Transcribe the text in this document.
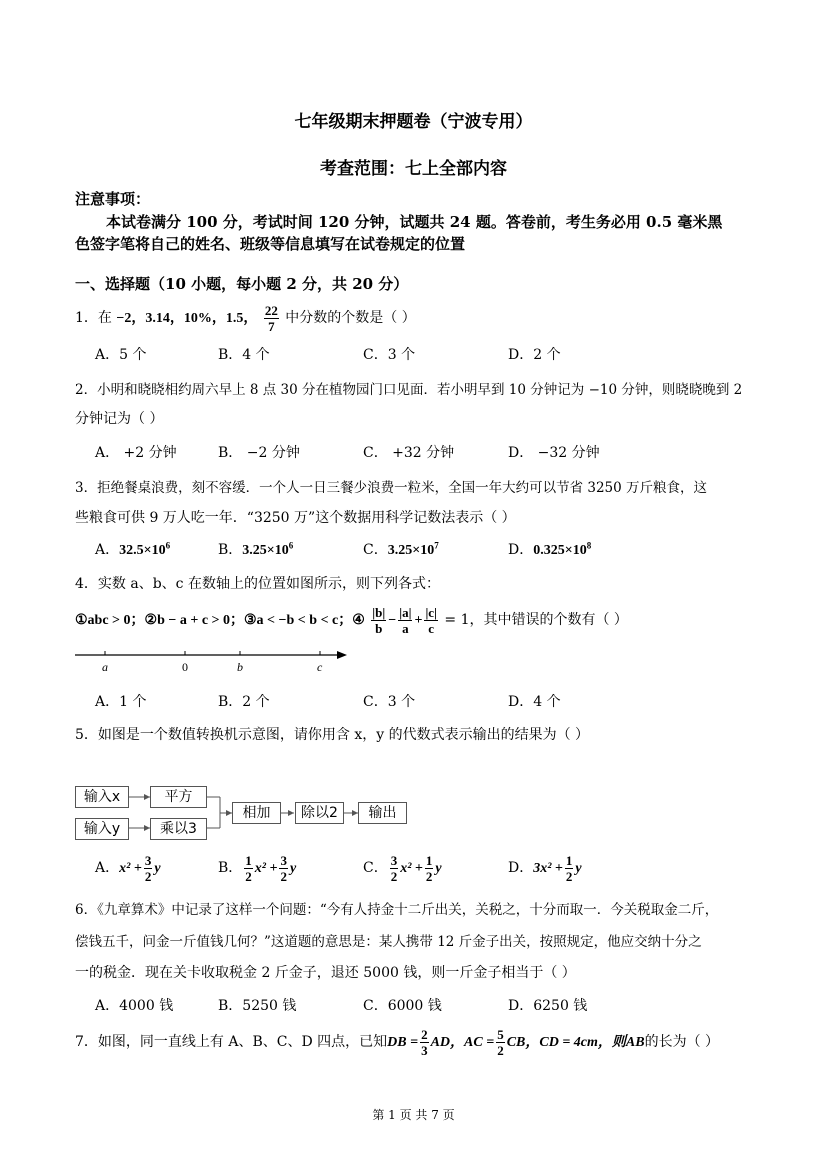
七年级期末押题卷（宁波专用）
考查范围：七上全部内容
注意事项：
本试卷满分 100 分，考试时间 120 分钟，试题共 24 题。答卷前，考生务必用 0.5 毫米黑
色签字笔将自己的姓名、班级等信息填写在试卷规定的位置
一、选择题（10 小题，每小题 2 分，共 20 分）
1．在 −2，3.14，10%，1.5， $\frac{22}{7}$ 中分数的个数是（ ）
A．5 个	B．4 个	C．3 个	D．2 个
2．小明和晓晓相约周六早上 8 点 30 分在植物园门口见面．若小明早到 10 分钟记为 −10 分钟，则晓晓晚到 2
分钟记为（ ）
A． +2 分钟	B． −2 分钟	C． +32 分钟	D． −32 分钟
3．拒绝餐桌浪费，刻不容缓．一个人一日三餐少浪费一粒米，全国一年大约可以节省 3250 万斤粮食，这
些粮食可供 9 万人吃一年．“3250 万”这个数据用科学记数法表示（ ）
A．$32.5\times 10^6$	B．$3.25\times 10^6$	C．$3.25\times 10^7$	D．$0.325\times 10^8$
4．实数 a、b、c 在数轴上的位置如图所示，则下列各式：
①abc > 0；②b − a + c > 0；③a < −b < b < c；④ $\frac{|b|}{b} - \frac{|a|}{a} + \frac{|c|}{c} = 1$，其中错误的个数有（ ）
a	0	b	c
A．1 个	B．2 个	C．3 个	D．4 个
5．如图是一个数值转换机示意图，请你用含 x，y 的代数式表示输出的结果为（ ）
输入x	平方
输入y	乘以3
相加	除以2	输出
A．$x^2 + \frac{3}{2}$ y	B． $\frac{1}{2} x^2 + \frac{3}{2}$ y	C． $\frac{3}{2} x^2 + \frac{1}{2}$ y	D．$3x^2 + \frac{1}{2}$ y
6．《九章算术》中记录了这样一个问题：“今有人持金十二斤出关，关税之，十分而取一．今关税取金二斤，
偿钱五千，问金一斤值钱几何？”这道题的意思是：某人携带 12 斤金子出关，按照规定，他应交纳十分之
一的税金．现在关卡收取税金 2 斤金子，退还 5000 钱，则一斤金子相当于（ ）
A．4000 钱	B．5250 钱	C．6000 钱	D．6250 钱
7．如图，同一直线上有 A、B、C、D 四点，已知DB = $\frac{2}{3}$ AD，AC = $\frac{5}{2}$ CB，CD = 4cm，则AB的长为（ ）
第 1 页 共 7 页
